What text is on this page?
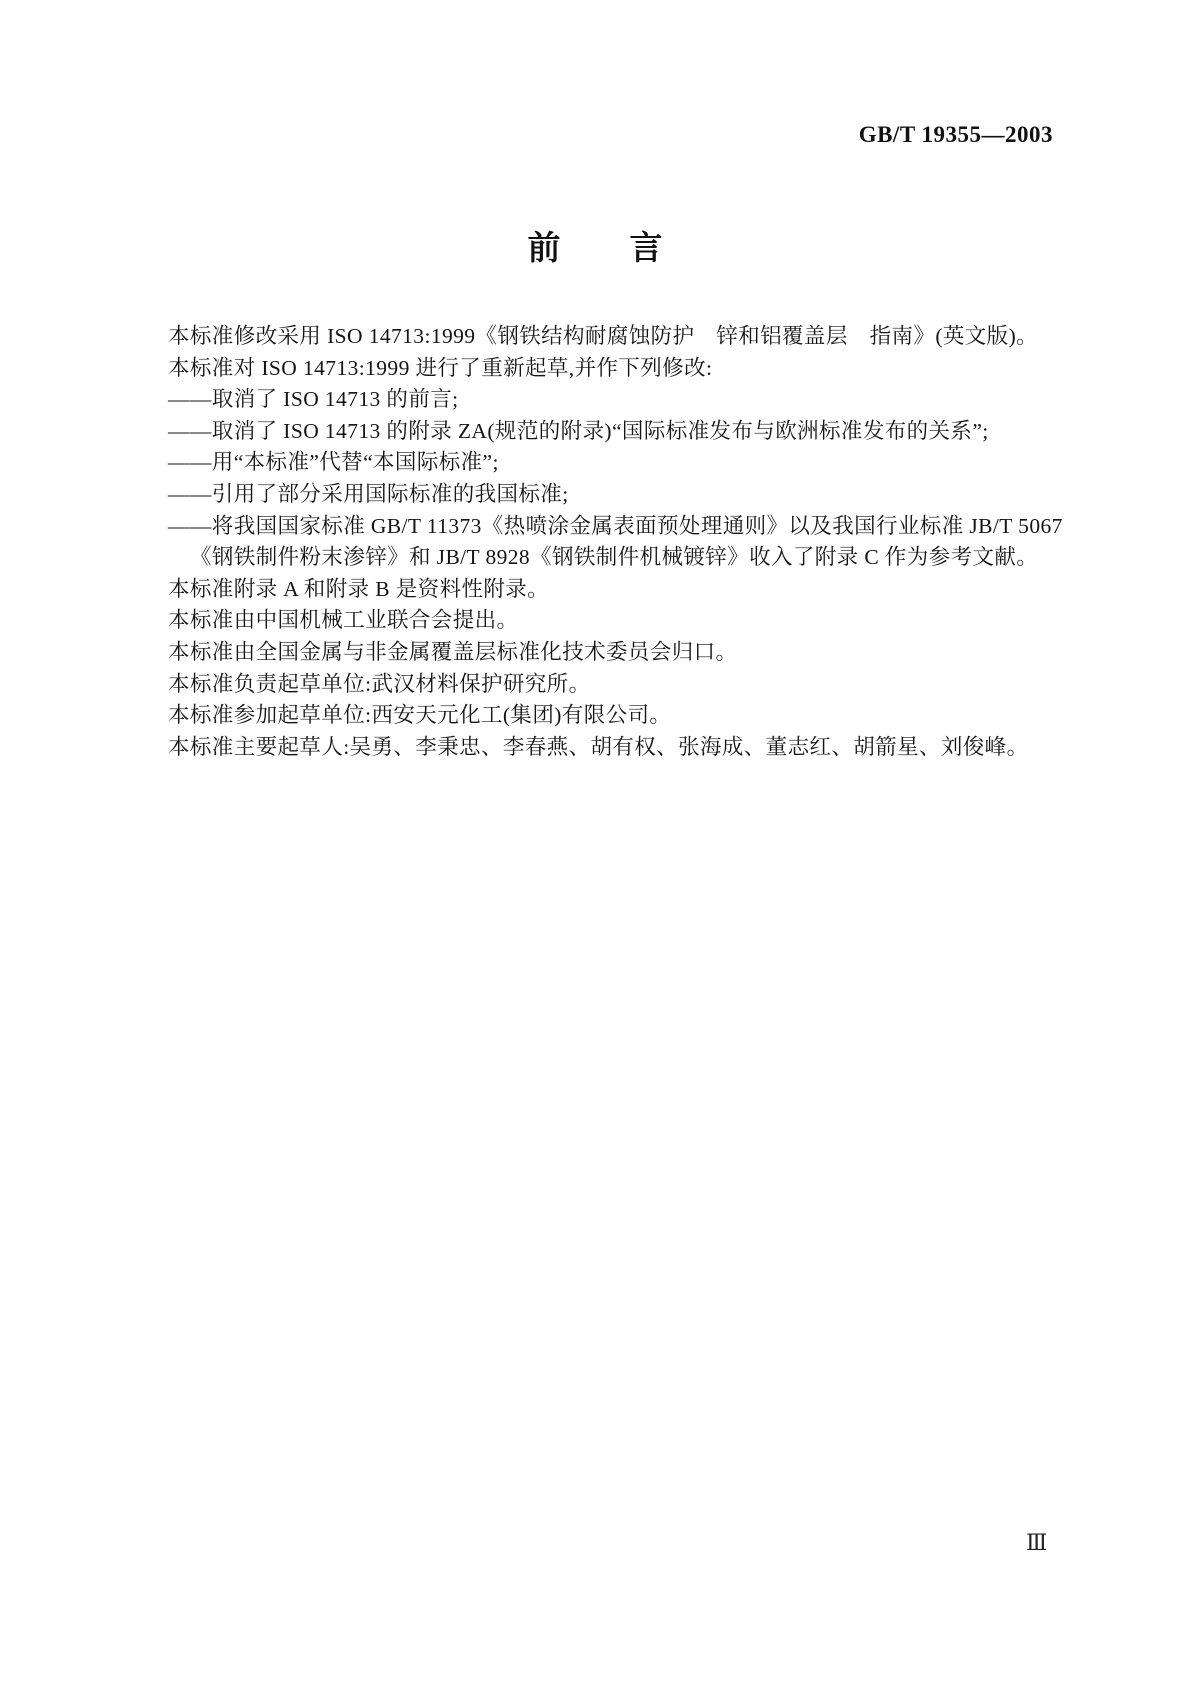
GB/T 19355—2003
前　　言
本标准修改采用 ISO 14713:1999《钢铁结构耐腐蚀防护　锌和铝覆盖层　指南》(英文版)。
本标准对 ISO 14713:1999 进行了重新起草,并作下列修改:
——取消了 ISO 14713 的前言;
——取消了 ISO 14713 的附录 ZA(规范的附录)“国际标准发布与欧洲标准发布的关系”;
——用“本标准”代替“本国际标准”;
——引用了部分采用国际标准的我国标准;
——将我国国家标准 GB/T 11373《热喷涂金属表面预处理通则》以及我国行业标准 JB/T 5067
《钢铁制件粉末渗锌》和 JB/T 8928《钢铁制件机械镀锌》收入了附录 C 作为参考文献。
本标准附录 A 和附录 B 是资料性附录。
本标准由中国机械工业联合会提出。
本标准由全国金属与非金属覆盖层标准化技术委员会归口。
本标准负责起草单位:武汉材料保护研究所。
本标准参加起草单位:西安天元化工(集团)有限公司。
本标准主要起草人:吴勇、李秉忠、李春燕、胡有权、张海成、董志红、胡箭星、刘俊峰。
Ⅲ
